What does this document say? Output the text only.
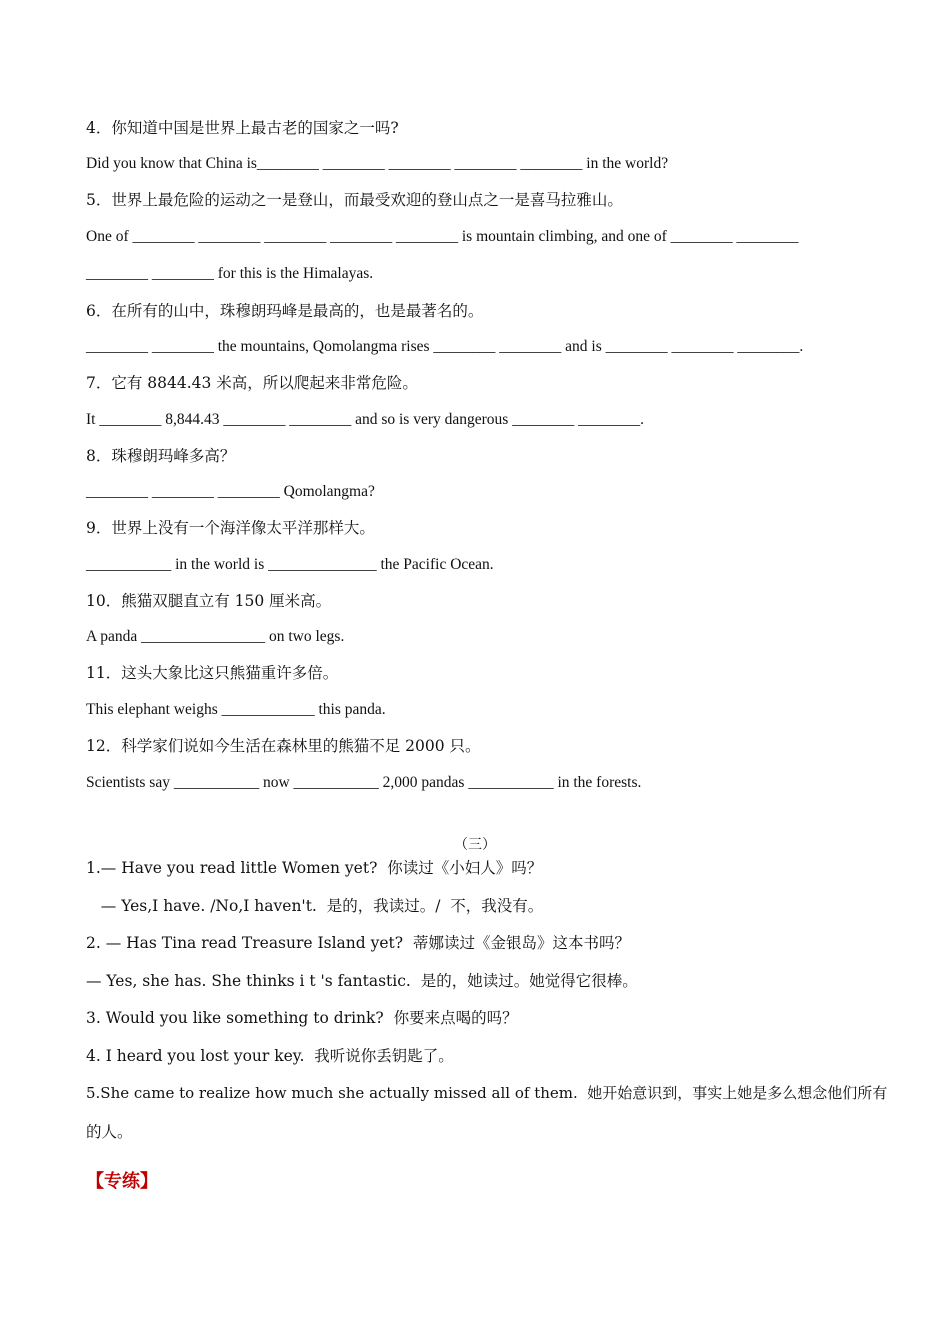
4．你知道中国是世界上最古老的国家之一吗?
Did you know that China is________ ________ ________ ________ ________ in the world?
5．世界上最危险的运动之一是登山，而最受欢迎的登山点之一是喜马拉雅山。
One of ________ ________ ________ ________ ________ is mountain climbing, and one of ________ ________
________ ________ for this is the Himalayas.
6．在所有的山中，珠穆朗玛峰是最高的，也是最著名的。
________ ________ the mountains, Qomolangma rises ________ ________ and is ________ ________ ________.
7．它有 8844.43 米高，所以爬起来非常危险。
It ________ 8,844.43 ________ ________ and so is very dangerous ________ ________.
8．珠穆朗玛峰多高？
________ ________ ________ Qomolangma?
9．世界上没有一个海洋像太平洋那样大。
___________ in the world is ______________ the Pacific Ocean.
10．熊猫双腿直立有 150 厘米高。
A panda ________________ on two legs.
11．这头大象比这只熊猫重许多倍。
This elephant weighs ____________ this panda.
12．科学家们说如今生活在森林里的熊猫不足 2000 只。
Scientists say ___________ now ___________ 2,000 pandas ___________ in the forests.
（三）
1.— Have you read little Women yet?  你读过《小妇人》吗？
— Yes,I have. /No,I haven't.  是的，我读过。/  不，我没有。
2. — Has Tina read Treasure Island yet?  蒂娜读过《金银岛》这本书吗？
— Yes, she has. She thinks i t 's fantastic.  是的，她读过。她觉得它很棒。
3. Would you like something to drink?  你要来点喝的吗？
4. I heard you lost your key.  我听说你丢钥匙了。
5.She came to realize how much she actually missed all of them.  她开始意识到，事实上她是多么想念他们所有
的人。
【专练】
